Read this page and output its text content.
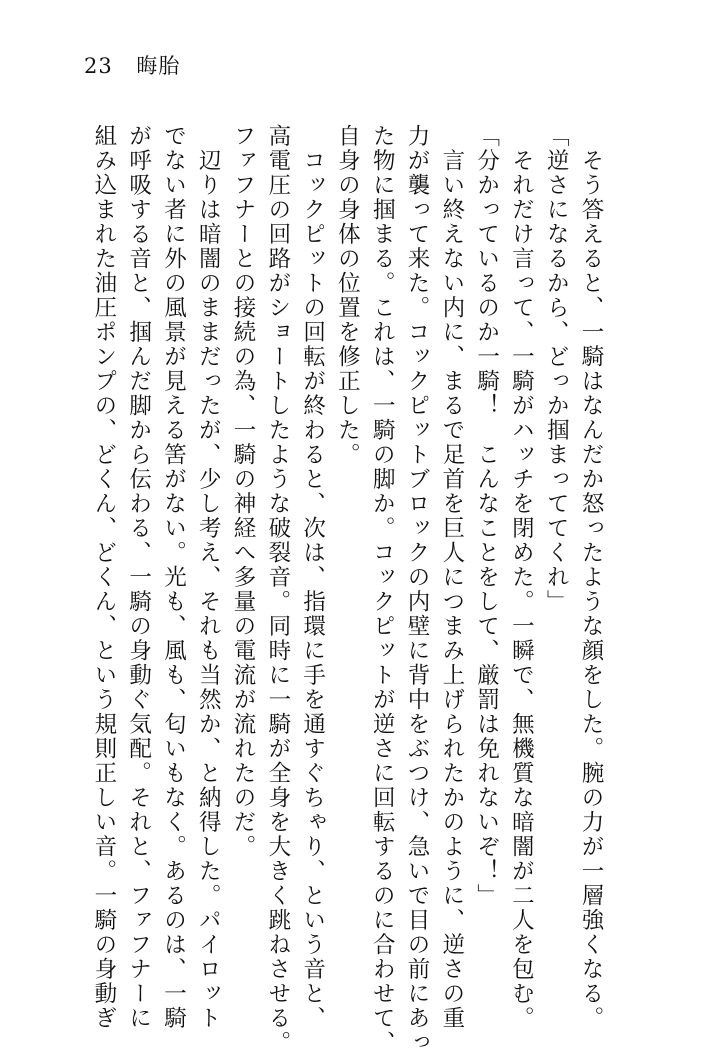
23 晦胎
　そう答えると、一騎はなんだか怒ったような顔をした。腕の力が一層強くなる。
「逆さになるから、どっか掴まっててくれ」
　それだけ言って、一騎がハッチを閉めた。一瞬で、無機質な暗闇が二人を包む。
「分かっているのか一騎！　こんなことをして、厳罰は免れないぞ！」
　言い終えない内に、まるで足首を巨人につまみ上げられたかのように、逆さの重
力が襲って来た。コックピットブロックの内壁に背中をぶつけ、急いで目の前にあっ
た物に掴まる。これは、一騎の脚か。コックピットが逆さに回転するのに合わせて、
自身の身体の位置を修正した。
　コックピットの回転が終わると、次は、指環に手を通すぐちゃり、という音と、
高電圧の回路がショートしたような破裂音。同時に一騎が全身を大きく跳ねさせる。
ファフナーとの接続の為、一騎の神経へ多量の電流が流れたのだ。
　辺りは暗闇のままだったが、少し考え、それも当然か、と納得した。パイロット
でない者に外の風景が見える筈がない。光も、風も、匂いもなく。あるのは、一騎
が呼吸する音と、掴んだ脚から伝わる、一騎の身動ぐ気配。それと、ファフナーに
組み込まれた油圧ポンプの、どくん、どくん、という規則正しい音。一騎の身動ぎ
